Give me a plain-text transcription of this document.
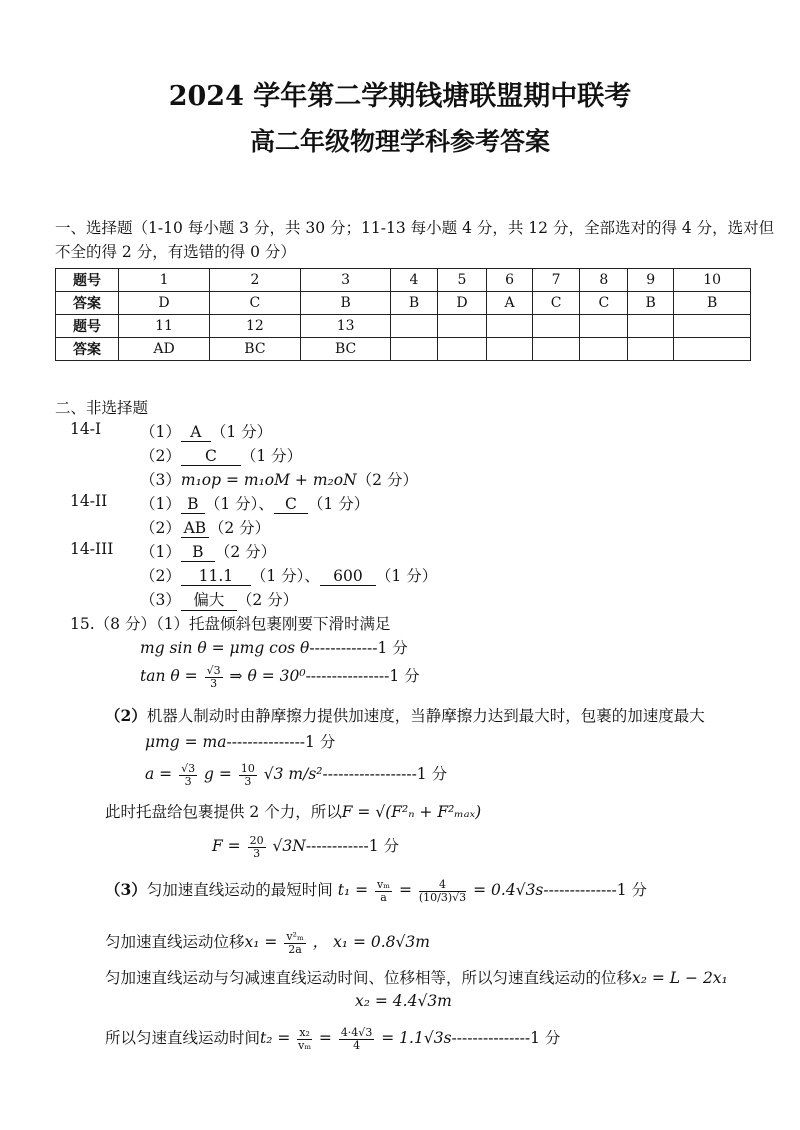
2024 学年第二学期钱塘联盟期中联考
高二年级物理学科参考答案
一、选择题（1-10 每小题 3 分，共 30 分；11-13 每小题 4 分，共 12 分，全部选对的得 4 分，选对但
不全的得 2 分，有选错的得 0 分）
题号	1	2	3	4	5	6	7	8	9	10
答案	D	C	B	B	D	A	C	C	B	B
题号	11	12	13							
答案	AD	BC	BC							
二、非选择题
14-I	（1） A （1 分）
（2） C （1 分）
（3）m₁op = m₁oM + m₂oN（2 分）
14-II （1） B （1 分）、 C （1 分）
（2） AB （2 分）
14-III （1） B （2 分）
（2） 11.1 （1 分）、 600 （1 分）
（3） 偏大 （2 分）
15.（8 分）（1）托盘倾斜包裹刚要下滑时满足
mg sin θ = μmg cos θ-------------1 分
$\tan \theta = \frac{√3}{3}$ ⇒ θ = 30⁰----------------1 分
（2）机器人制动时由静摩擦力提供加速度，当静摩擦力达到最大时，包裹的加速度最大
μmg = ma---------------1 分
$a = \frac{√3}{3}$ $g = \frac{10}{3} √3$ m/s²------------------1 分
此时托盘给包裹提供 2 个力，所以F = √(F²ₙ + F²ₘₐₓ)
$F = \frac{20}{3} √3N------------1$ 分
（3）匀加速直线运动的最短时间 $t_1 = \frac{\text{vₘ}}{a} = \frac{4}{(10/3)√3} = 0.4√3s--------------1$ 分
匀加速直线运动位移$x_1 = \frac{\text{v²ₘ}}{2a}$ ， x₁ = 0.8√3m
匀加速直线运动与匀减速直线运动时间、位移相等，所以匀速直线运动的位移x₂ = L − 2x₁
x₂ = 4.4√3m
所以匀速直线运动时间$t_2 = \frac{\text{x₂}}{\text{vₘ}} = \frac{4\cdot 4√3}{4} = 1.1√3s---------------1$ 分
